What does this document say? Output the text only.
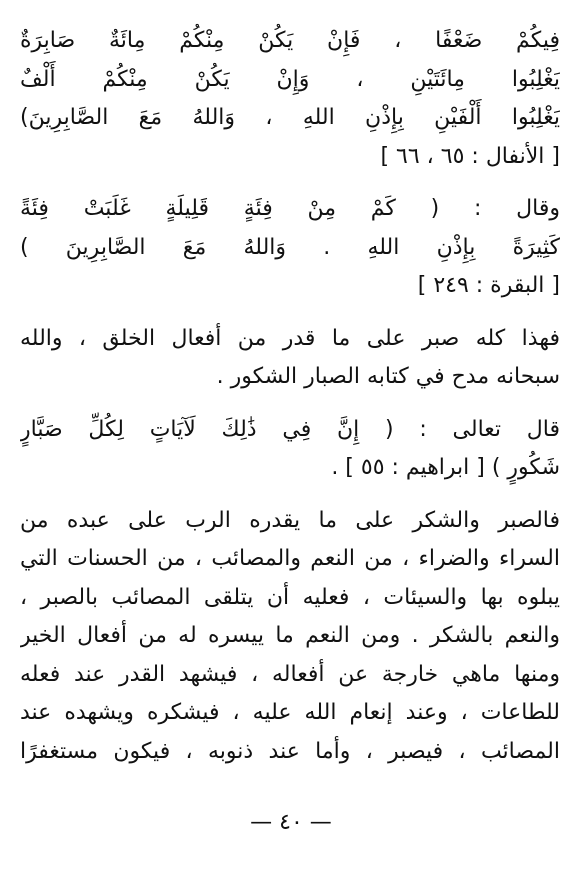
فِيكُمْ ضَعْفًا ، فَإِنْ يَكُنْ مِنْكُمْ مِائَةٌ صَابِرَةٌ
يَغْلِبُوا مِائَتَيْنِ ، وَإِنْ يَكُنْ مِنْكُمْ أَلْفٌ
يَغْلِبُوا أَلْفَيْنِ بِإِذْنِ اللهِ ، وَاللهُ مَعَ الصَّابِرِينَ)
[ الأنفال : ٦٥ ، ٦٦ ]
وقال : ( كَمْ مِنْ فِئَةٍ قَلِيلَةٍ غَلَبَتْ فِئَةً
كَثِيرَةً بِإِذْنِ اللهِ . وَاللهُ مَعَ الصَّابِرِينَ )
[ البقرة : ٢٤٩ ]
فهذا كله صبر على ما قدر من أفعال الخلق ، والله
سبحانه مدح في كتابه الصبار الشكور .
قال تعالى : ( إِنَّ فِي ذَٰلِكَ لَآيَاتٍ لِكُلِّ صَبَّارٍ
شَكُورٍ ) [ ابراهيم : ٥٥ ] .
فالصبر والشكر على ما يقدره الرب على عبده من
السراء والضراء ، من النعم والمصائب ، من الحسنات التي
يبلوه بها والسيئات ، فعليه أن يتلقى المصائب بالصبر ،
والنعم بالشكر . ومن النعم ما ييسره له من أفعال الخير
ومنها ماهي خارجة عن أفعاله ، فيشهد القدر عند فعله
للطاعات ، وعند إنعام الله عليه ، فيشكره ويشهده عند
المصائب ، فيصبر ، وأما عند ذنوبه ، فيكون مستغفرًا
— ٤٠ —
